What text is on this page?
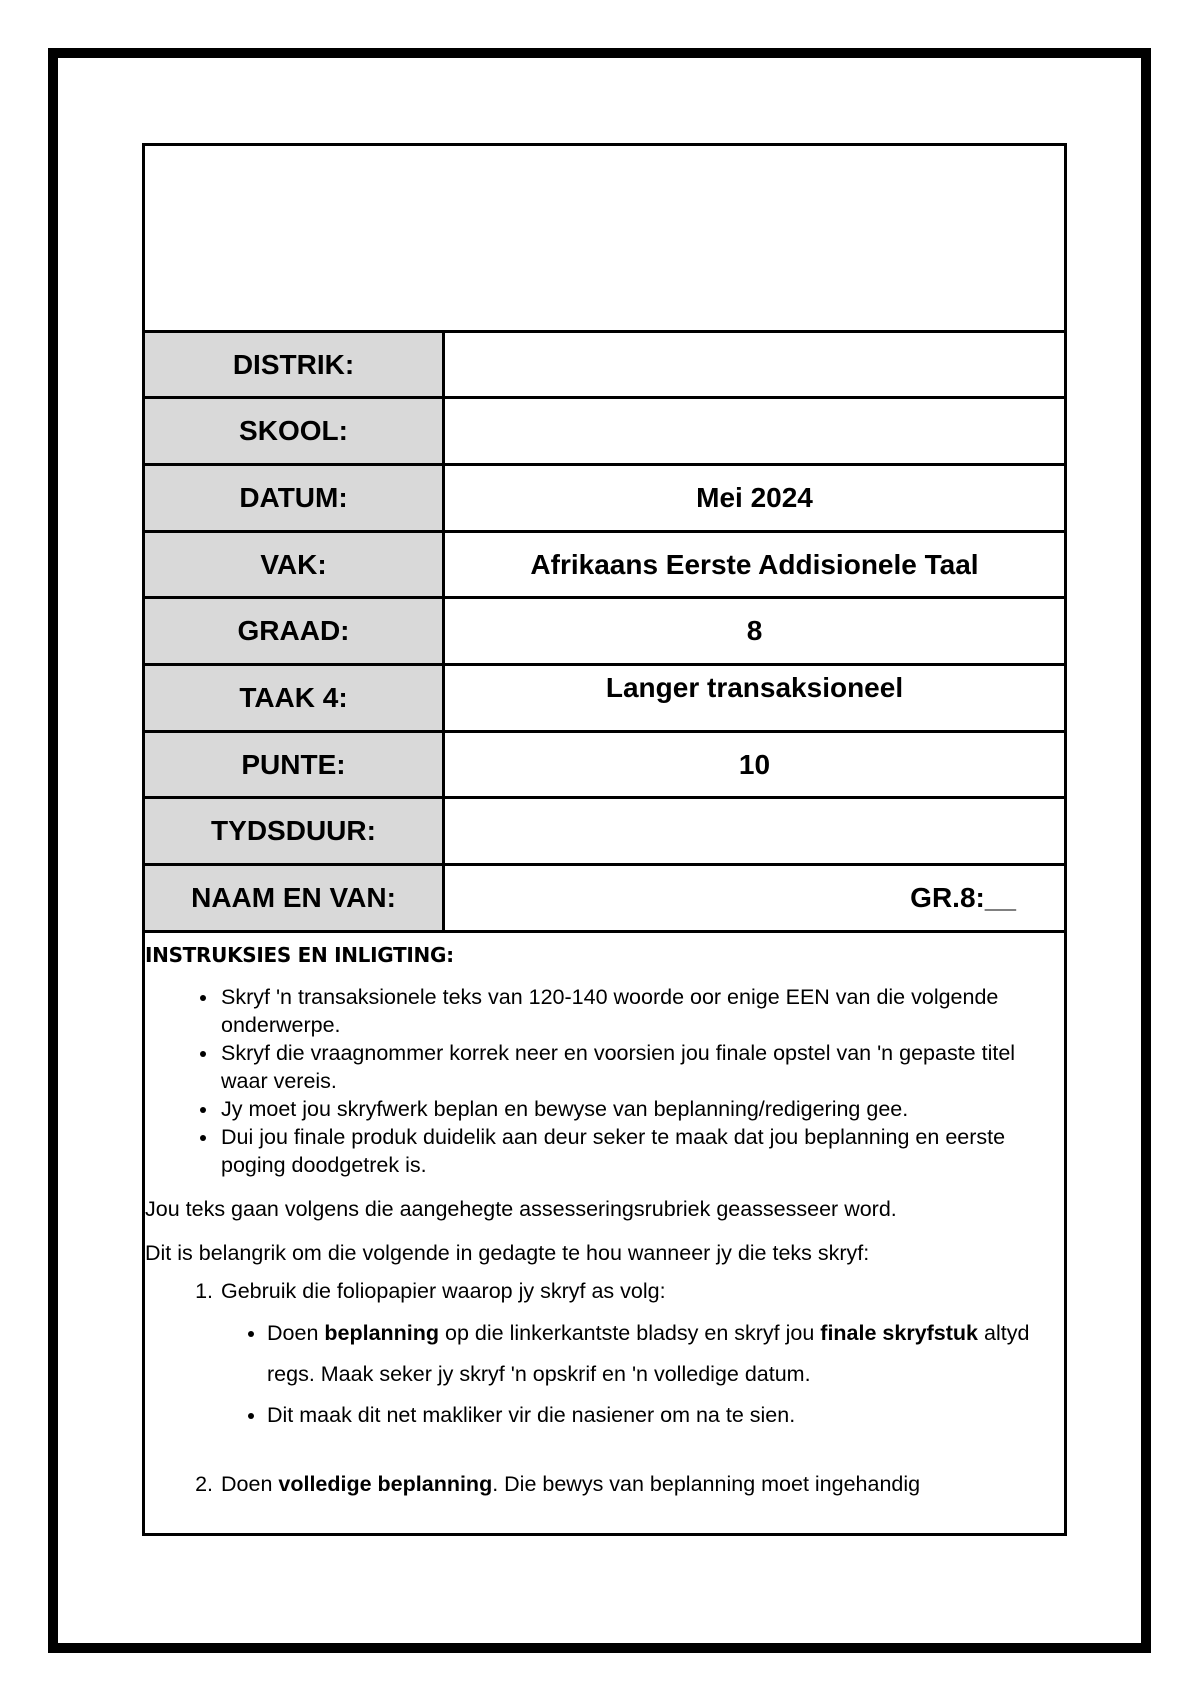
DISTRIK:
SKOOL:
DATUM:	Mei 2024
VAK:	Afrikaans Eerste Addisionele Taal
GRAAD:	8
TAAK 4:	Langer transaksioneel
PUNTE:	10
TYDSDUUR:
NAAM EN VAN:	GR.8:__
INSTRUKSIES EN INLIGTING:
• Skryf 'n transaksionele teks van 120-140 woorde oor enige EEN van die volgende onderwerpe.
• Skryf die vraagnommer korrek neer en voorsien jou finale opstel van 'n gepaste titel waar vereis.
• Jy moet jou skryfwerk beplan en bewyse van beplanning/redigering gee.
• Dui jou finale produk duidelik aan deur seker te maak dat jou beplanning en eerste poging doodgetrek is.

Jou teks gaan volgens die aangehegte assesseringsrubriek geassesseer word.

Dit is belangrik om die volgende in gedagte te hou wanneer jy die teks skryf:

1. Gebruik die foliopapier waarop jy skryf as volg:
• Doen beplanning op die linkerkantste bladsy en skryf jou finale skryfstuk altyd regs. Maak seker jy skryf 'n opskrif en 'n volledige datum.
• Dit maak dit net makliker vir die nasiener om na te sien.
2. Doen volledige beplanning. Die bewys van beplanning moet ingehandig
